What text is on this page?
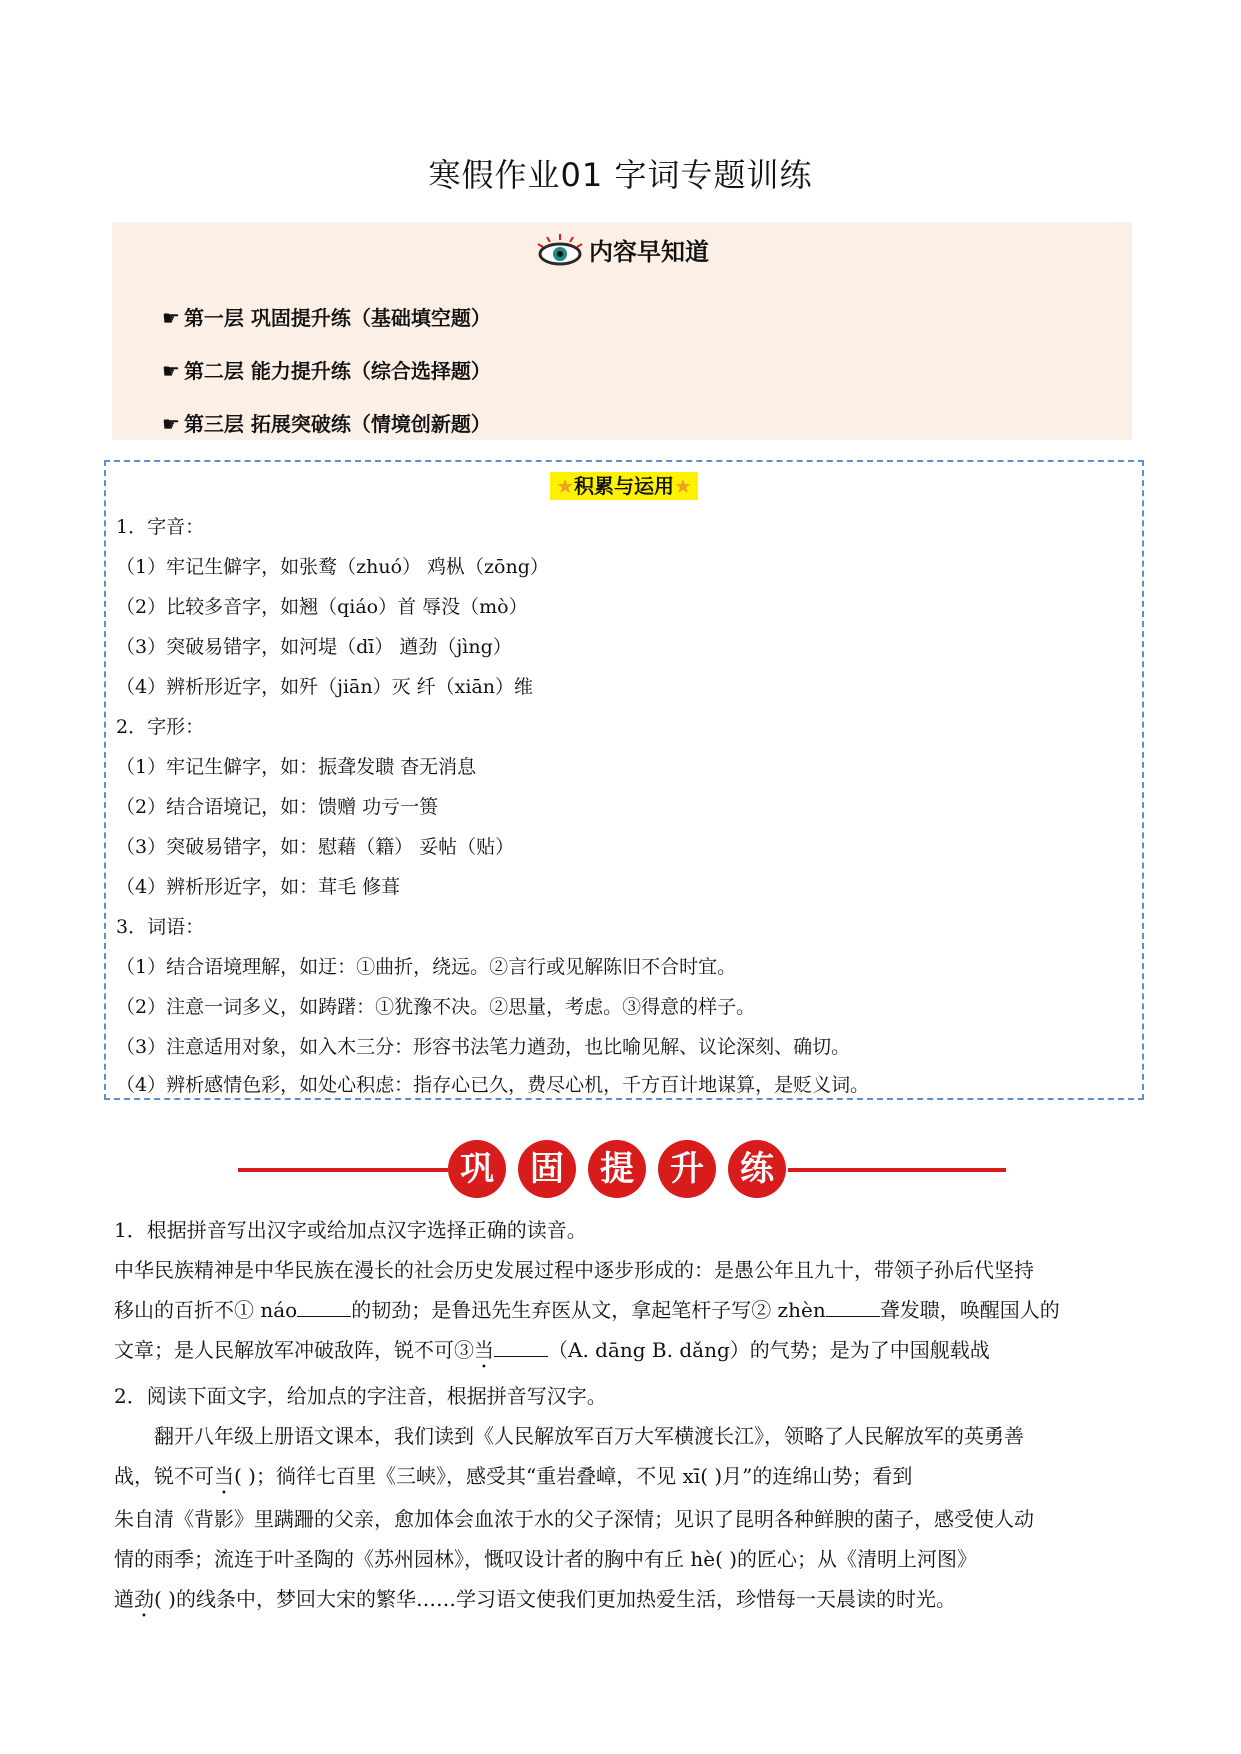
寒假作业01 字词专题训练
内容早知道
☛ 第一层 巩固提升练（基础填空题）
☛ 第二层 能力提升练（综合选择题）
☛ 第三层 拓展突破练（情境创新题）
★积累与运用★
1．字音：
（1）牢记生僻字，如张鹜（zhuó） 鸡枞（zōng）
（2）比较多音字，如翘（qiáo）首 辱没（mò）
（3）突破易错字，如河堤（dī） 遒劲（jìng）
（4）辨析形近字，如歼（jiān）灭 纤（xiān）维
2．字形：
（1）牢记生僻字，如：振聋发聩 杳无消息
（2）结合语境记，如：馈赠 功亏一篑
（3）突破易错字，如：慰藉（籍） 妥帖（贴）
（4）辨析形近字，如：茸毛 修葺
3．词语：
（1）结合语境理解，如迂：①曲折，绕远。②言行或见解陈旧不合时宜。
（2）注意一词多义，如踌躇：①犹豫不决。②思量，考虑。③得意的样子。
（3）注意适用对象，如入木三分：形容书法笔力遒劲，也比喻见解、议论深刻、确切。
（4）辨析感情色彩，如处心积虑：指存心已久，费尽心机，千方百计地谋算，是贬义词。
巩 固 提 升 练
1．根据拼音写出汉字或给加点汉字选择正确的读音。
中华民族精神是中华民族在漫长的社会历史发展过程中逐步形成的：是愚公年且九十，带领子孙后代坚持
移山的百折不① náo	的韧劲；是鲁迅先生弃医从文，拿起笔杆子写② zhèn	聋发聩，唤醒国人的
文章；是人民解放军冲破敌阵，锐不可③当	（A. dāng B. dǎng）的气势；是为了中国舰载战
2．阅读下面文字，给加点的字注音，根据拼音写汉字。
翻开八年级上册语文课本，我们读到《人民解放军百万大军横渡长江》，领略了人民解放军的英勇善
战，锐不可当( )；徜徉七百里《三峡》，感受其“重岩叠嶂，不见 xī( )月”的连绵山势；看到
朱自清《背影》里蹒跚的父亲，愈加体会血浓于水的父子深情；见识了昆明各种鲜腴的菌子，感受使人动
情的雨季；流连于叶圣陶的《苏州园林》，慨叹设计者的胸中有丘 hè( )的匠心；从《清明上河图》
遒劲( )的线条中，梦回大宋的繁华……学习语文使我们更加热爱生活，珍惜每一天晨读的时光。
